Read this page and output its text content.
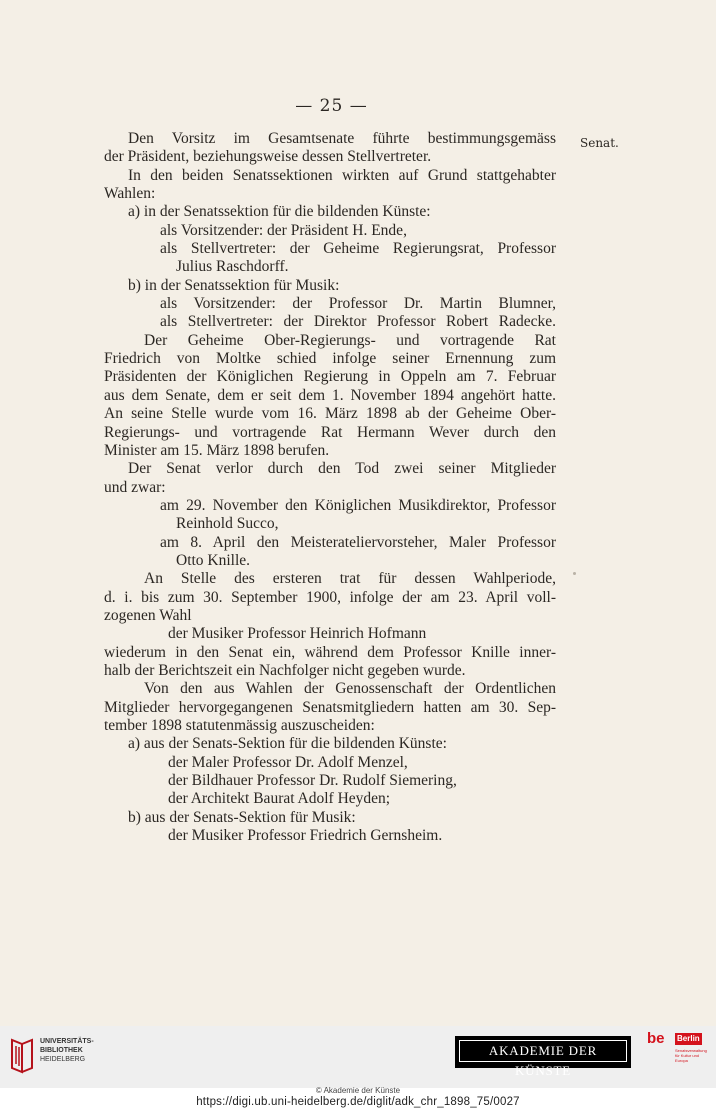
— 25 —
Senat.

Den Vorsitz im Gesamtsenate führte bestimmungsgemäss

der Präsident, beziehungsweise dessen Stellvertreter.

In den beiden Senatssektionen wirkten auf Grund stattgehabter

Wahlen:

a) in der Senatssektion für die bildenden Künste:

als Vorsitzender: der Präsident H. Ende,

als Stellvertreter: der Geheime Regierungsrat, Professor

Julius Raschdorff.

b) in der Senatssektion für Musik:

als Vorsitzender: der Professor Dr. Martin Blumner,

als Stellvertreter: der Direktor Professor Robert Radecke.

Der Geheime Ober-Regierungs- und vortragende Rat

Friedrich von Moltke schied infolge seiner Ernennung zum

Präsidenten der Königlichen Regierung in Oppeln am 7. Februar

aus dem Senate, dem er seit dem 1. November 1894 angehört hatte.

An seine Stelle wurde vom 16. März 1898 ab der Geheime Ober-

Regierungs- und vortragende Rat Hermann Wever durch den

Minister am 15. März 1898 berufen.

Der Senat verlor durch den Tod zwei seiner Mitglieder

und zwar:

am 29. November den Königlichen Musikdirektor, Professor

Reinhold Succo,

am 8. April den Meisterateliervorsteher, Maler Professor

Otto Knille.

An Stelle des ersteren trat für dessen Wahlperiode,

d. i. bis zum 30. September 1900, infolge der am 23. April voll-

zogenen Wahl

der Musiker Professor Heinrich Hofmann

wiederum in den Senat ein, während dem Professor Knille inner-

halb der Berichtszeit ein Nachfolger nicht gegeben wurde.

Von den aus Wahlen der Genossenschaft der Ordentlichen

Mitglieder hervorgegangenen Senatsmitgliedern hatten am 30. Sep-

tember 1898 statutenmässig auszuscheiden:

a) aus der Senats-Sektion für die bildenden Künste:

der Maler Professor Dr. Adolf Menzel,

der Bildhauer Professor Dr. Rudolf Siemering,

der Architekt Baurat Adolf Heyden;

b) aus der Senats-Sektion für Musik:

der Musiker Professor Friedrich Gernsheim.

UNIVERSITÄTS-
BIBLIOTHEK
HEIDELBERG
AKADEMIE DER KÜNSTE
be Berlin
Senatsverwaltung für Kultur und Europa
© Akademie der Künste
https://digi.ub.uni-heidelberg.de/diglit/adk_chr_1898_75/0027
